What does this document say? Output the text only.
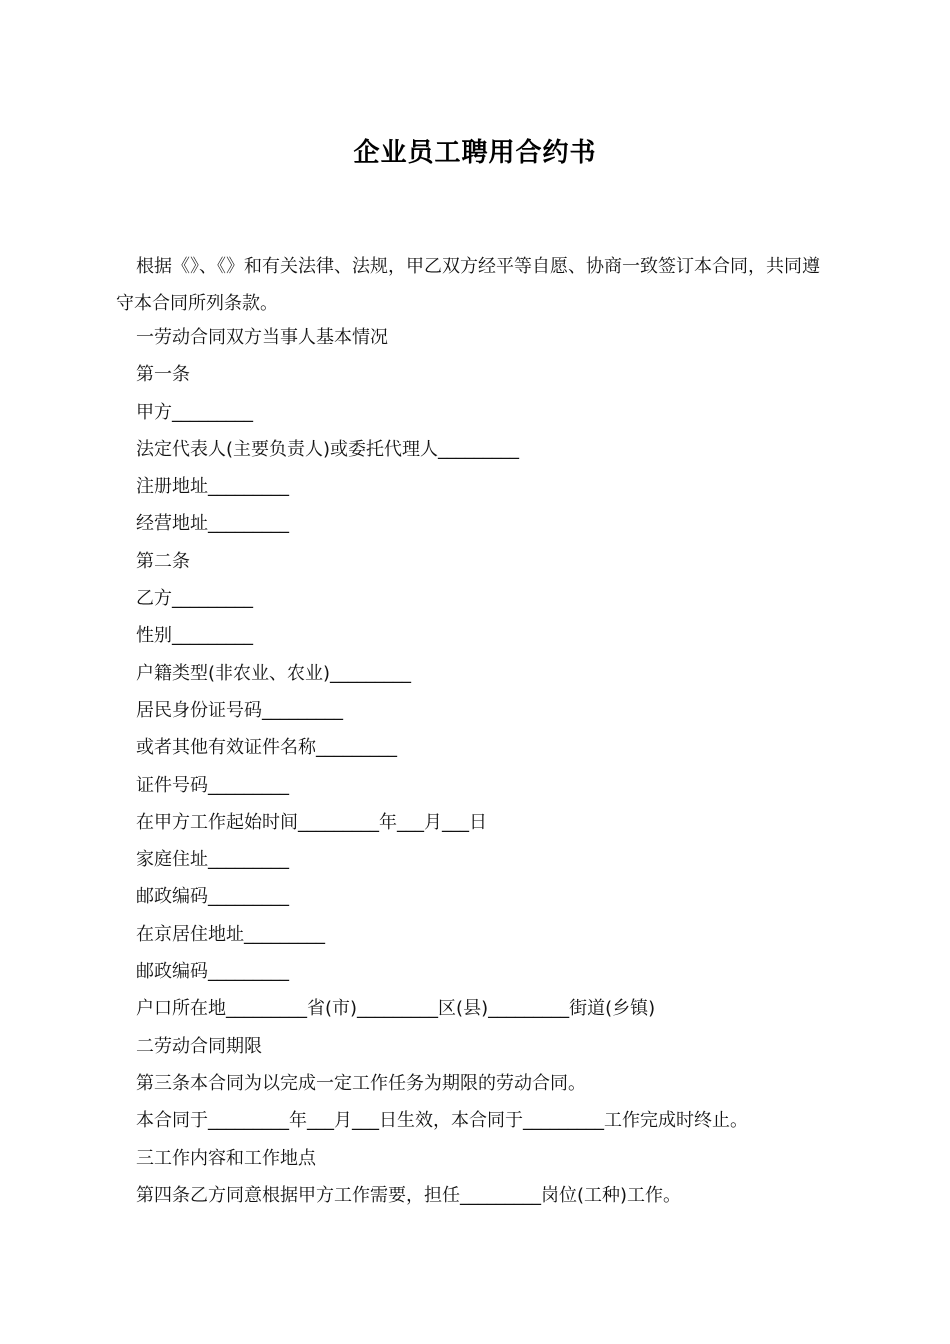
企业员工聘用合约书

根据《》、《》和有关法律、法规，甲乙双方经平等自愿、协商一致签订本合同，共同遵守本合同所列条款。

一劳动合同双方当事人基本情况
第一条
甲方_________
法定代表人(主要负责人)或委托代理人_________
注册地址_________
经营地址_________
第二条
乙方_________
性别_________
户籍类型(非农业、农业)_________
居民身份证号码_________
或者其他有效证件名称_________
证件号码_________
在甲方工作起始时间_________年___月___日
家庭住址_________
邮政编码_________
在京居住地址_________
邮政编码_________
户口所在地_________省(市)_________区(县)_________街道(乡镇)
二劳动合同期限
第三条本合同为以完成一定工作任务为期限的劳动合同。
本合同于_________年___月___日生效，本合同于_________工作完成时终止。
三工作内容和工作地点
第四条乙方同意根据甲方工作需要，担任_________岗位(工种)工作。
